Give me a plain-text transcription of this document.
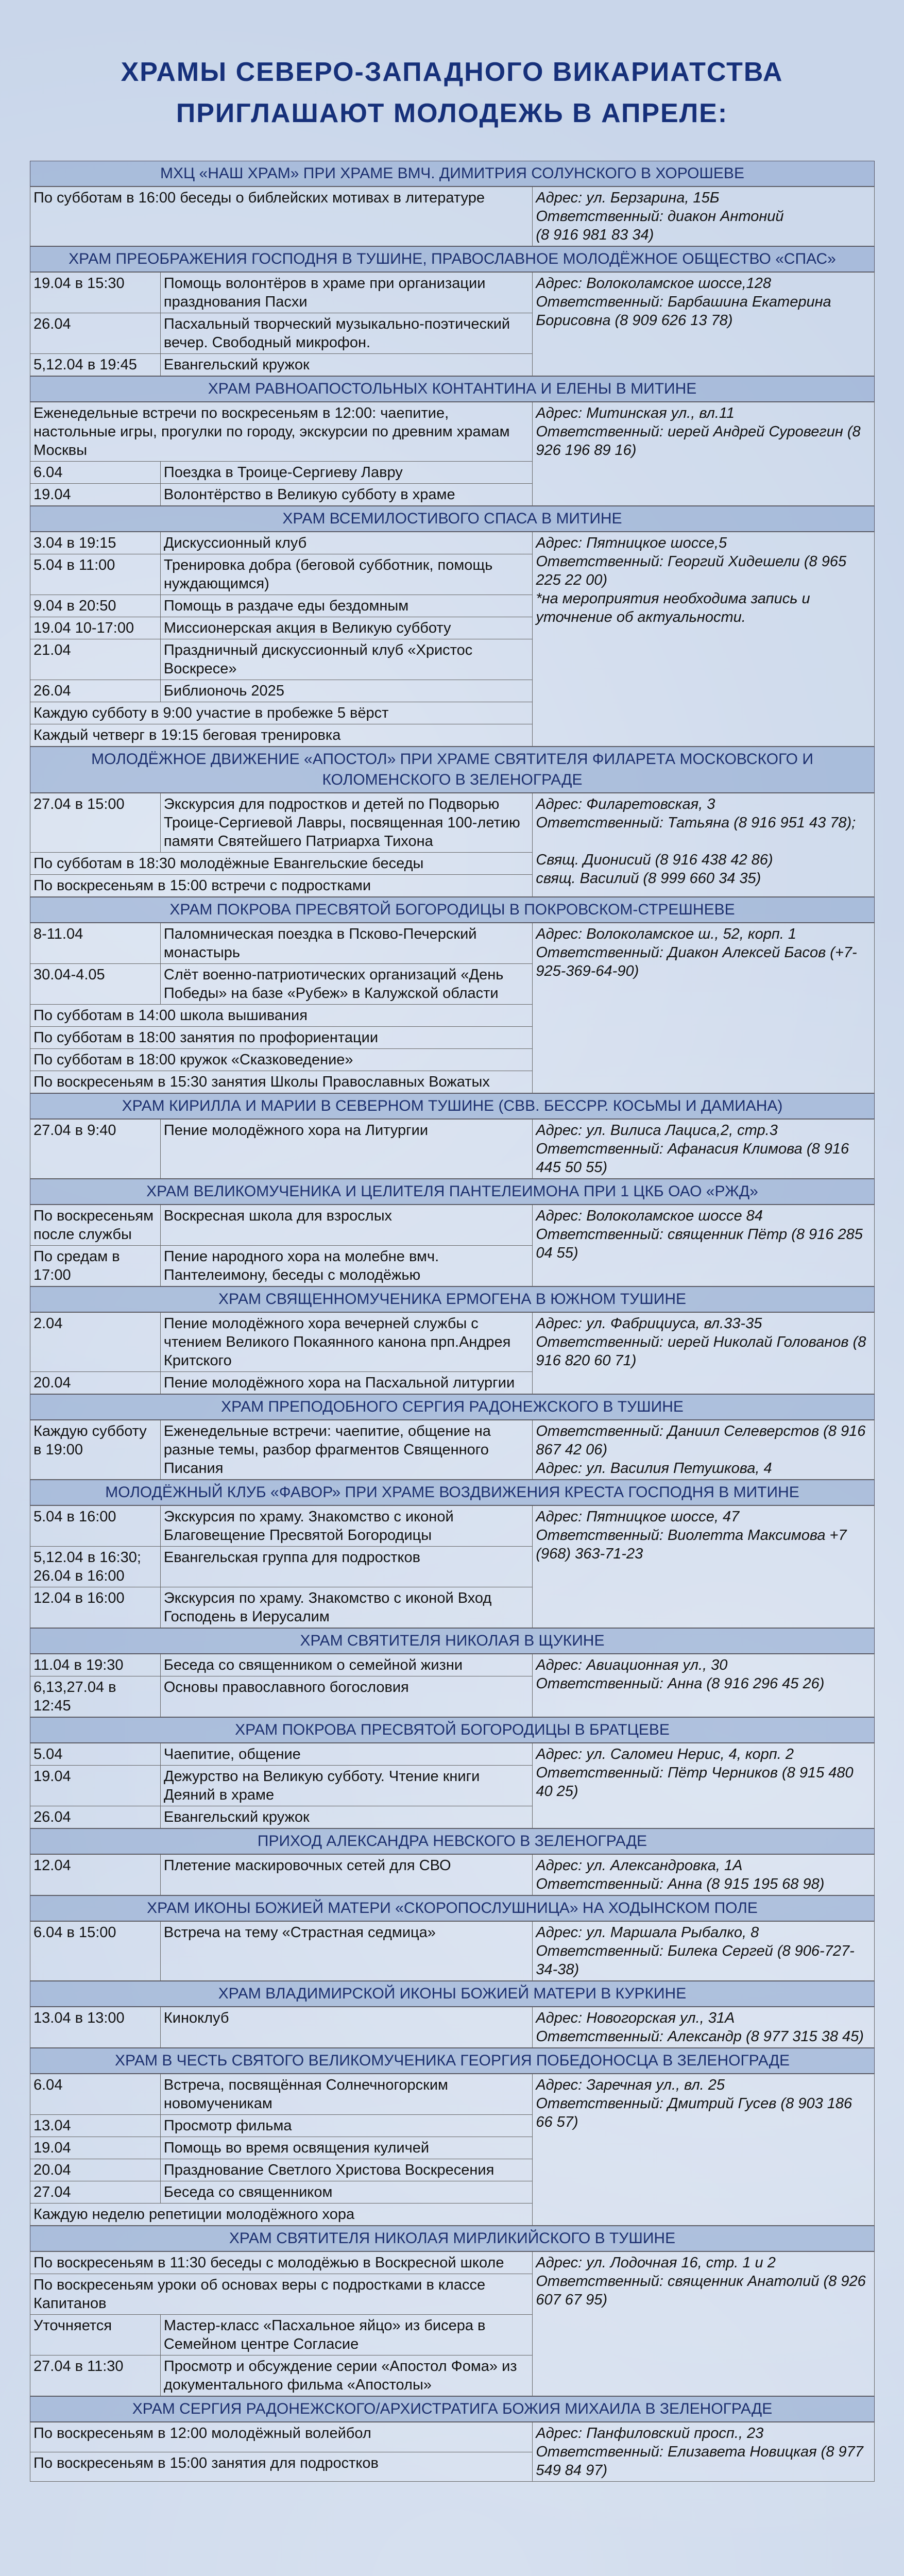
ХРАМЫ СЕВЕРО-ЗАПАДНОГО ВИКАРИАТСТВА
ПРИГЛАШАЮТ МОЛОДЕЖЬ В АПРЕЛЕ:
МХЦ «НАШ ХРАМ» ПРИ ХРАМЕ ВМЧ. ДИМИТРИЯ СОЛУНСКОГО В ХОРОШЕВЕ
По субботам в 16:00 беседы о библейских мотивах в литературе	Адрес: ул. Берзарина, 15Б

Ответственный: диакон Антоний

(8 916 981 83 34)

ХРАМ ПРЕОБРАЖЕНИЯ ГОСПОДНЯ В ТУШИНЕ, ПРАВОСЛАВНОЕ МОЛОДЁЖНОЕ ОБЩЕСТВО «СПАС»
19.04 в 15:30	Помощь волонтёров в храме при организации празднования Пасхи	Адрес: Волоколамское шоссе,128

Ответственный: Барбашина Екатерина Борисовна (8 909 626 13 78)

26.04	Пасхальный творческий музыкально-поэтический вечер. Свободный микрофон.	
5,12.04 в 19:45	Евангельский кружок	
ХРАМ РАВНОАПОСТОЛЬНЫХ КОНТАНТИНА И ЕЛЕНЫ В МИТИНЕ
Еженедельные встречи по воскресеньям в 12:00: чаепитие, настольные игры, прогулки по городу, экскурсии по древним храмам Москвы		Адрес: Митинская ул., вл.11

Ответственный: иерей Андрей Суровегин (8 926 196 89 16)

6.04	Поездка в Троице-Сергиеву Лавру	
19.04	Волонтёрство в Великую субботу в храме	
ХРАМ ВСЕМИЛОСТИВОГО СПАСА В МИТИНЕ
3.04 в 19:15	Дискуссионный клуб	Адрес: Пятницкое шоссе,5

Ответственный: Георгий Хидешели (8 965 225 22 00)

*на мероприятия необходима запись и уточнение об актуальности.

5.04 в 11:00	Тренировка добра (беговой субботник, помощь нуждающимся)	
9.04 в 20:50	Помощь в раздаче еды бездомным	
19.04 10-17:00	Миссионерская акция в Великую субботу	
21.04	Праздничный дискуссионный клуб «Христос Воскресе»	
26.04	Библионочь 2025	
Каждую субботу в 9:00 участие в пробежке 5 вёрст		
Каждый четверг в 19:15 беговая тренировка		
МОЛОДЁЖНОЕ ДВИЖЕНИЕ «АПОСТОЛ» ПРИ ХРАМЕ СВЯТИТЕЛЯ ФИЛАРЕТА МОСКОВСКОГО И КОЛОМЕНСКОГО В ЗЕЛЕНОГРАДЕ
27.04 в 15:00	Экскурсия для подростков и детей по Подворью Троице-Сергиевой Лавры, посвященная 100-летию памяти Святейшего Патриарха Тихона	

Адрес: Филаретовская, 3

Ответственный: Татьяна (8 916 951 43 78);

Свящ. Дионисий (8 916 438 42 86)

свящ. Василий (8 999 660 34 35)

По субботам в 18:30 молодёжные Евангельские беседы
По воскресеньям в 15:00 встречи с подростками
ХРАМ ПОКРОВА ПРЕСВЯТОЙ БОГОРОДИЦЫ В ПОКРОВСКОМ-СТРЕШНЕВЕ
8-11.04	Паломническая поездка в Псково-Печерский монастырь	Адрес: Волоколамское ш., 52, корп. 1

Ответственный: Диакон Алексей Басов (+7-925-369-64-90)

30.04-4.05	Слёт военно-патриотических организаций «День Победы» на базе «Рубеж» в Калужской области	
По субботам в 14:00 школа вышивания		
По субботам в 18:00 занятия по профориентации		
По субботам в 18:00 кружок «Сказковедение»		
По воскресеньям в 15:30 занятия Школы Православных Вожатых		
ХРАМ КИРИЛЛА И МАРИИ В СЕВЕРНОМ ТУШИНЕ (СВВ. БЕССРР. КОСЬМЫ И ДАМИАНА)
27.04 в 9:40	Пение молодёжного хора на Литургии	Адрес: ул. Вилиса Лациса,2, стр.3

Ответственный: Афанасия Климова (8 916 445 50 55)

ХРАМ ВЕЛИКОМУЧЕНИКА И ЦЕЛИТЕЛЯ ПАНТЕЛЕИМОНА ПРИ 1 ЦКБ ОАО «РЖД»
По воскресеньям после службы	Воскресная школа для взрослых	Адрес: Волоколамское шоссе 84

Ответственный: священник Пётр (8 916 285 04 55)

По средам в 17:00	Пение народного хора на молебне вмч. Пантелеимону, беседы с молодёжью	
ХРАМ СВЯЩЕННОМУЧЕНИКА ЕРМОГЕНА В ЮЖНОМ ТУШИНЕ
2.04	Пение молодёжного хора вечерней службы с чтением Великого Покаянного канона прп.Андрея Критского	Адрес: ул. Фабрициуса, вл.33-35

Ответственный: иерей Николай Голованов (8 916 820 60 71)

20.04	Пение молодёжного хора на Пасхальной литургии	
ХРАМ ПРЕПОДОБНОГО СЕРГИЯ РАДОНЕЖСКОГО В ТУШИНЕ
Каждую субботу в 19:00	Еженедельные встречи: чаепитие, общение на разные темы, разбор фрагментов Священного Писания	

Ответственный: Даниил Селеверстов (8 916 867 42 06)

Адрес: ул. Василия Петушкова, 4

МОЛОДЁЖНЫЙ КЛУБ «ФАВОР» ПРИ ХРАМЕ ВОЗДВИЖЕНИЯ КРЕСТА ГОСПОДНЯ В МИТИНЕ
5.04 в 16:00	Экскурсия по храму. Знакомство с иконой Благовещение Пресвятой Богородицы	Адрес: Пятницкое шоссе, 47

Ответственный: Виолетта Максимова +7 (968) 363-71-23

5,12.04 в 16:30; 26.04 в 16:00	Евангельская группа для подростков	
12.04 в 16:00	Экскурсия по храму. Знакомство с иконой Вход Господень в Иерусалим	
ХРАМ СВЯТИТЕЛЯ НИКОЛАЯ В ЩУКИНЕ
11.04 в 19:30	Беседа со священником о семейной жизни	Адрес: Авиационная ул., 30

Ответственный: Анна (8 916 296 45 26)

6,13,27.04 в 12:45	Основы православного богословия	
ХРАМ ПОКРОВА ПРЕСВЯТОЙ БОГОРОДИЦЫ В БРАТЦЕВЕ
5.04	Чаепитие, общение	Адрес: ул. Саломеи Нерис, 4, корп. 2

Ответственный: Пётр Черников (8 915 480 40 25)

19.04	Дежурство на Великую субботу. Чтение книги Деяний в храме	
26.04	Евангельский кружок	
ПРИХОД АЛЕКСАНДРА НЕВСКОГО В ЗЕЛЕНОГРАДЕ
12.04	Плетение маскировочных сетей для СВО	Адрес: ул. Александровка, 1А

Ответственный: Анна (8 915 195 68 98)

ХРАМ ИКОНЫ БОЖИЕЙ МАТЕРИ «СКОРОПОСЛУШНИЦА» НА ХОДЫНСКОМ ПОЛЕ
6.04 в 15:00	Встреча на тему «Страстная седмица»	Адрес: ул. Маршала Рыбалко, 8

Ответственный: Билека Сергей (8 906-727-34-38)

ХРАМ ВЛАДИМИРСКОЙ ИКОНЫ БОЖИЕЙ МАТЕРИ В КУРКИНЕ
13.04 в 13:00	Киноклуб	Адрес: Новогорская ул., 31А

Ответственный: Александр (8 977 315 38 45)

ХРАМ В ЧЕСТЬ СВЯТОГО ВЕЛИКОМУЧЕНИКА ГЕОРГИЯ ПОБЕДОНОСЦА В ЗЕЛЕНОГРАДЕ
6.04	Встреча, посвящённая Солнечногорским новомученикам	Адрес: Заречная ул., вл. 25

Ответственный: Дмитрий Гусев (8 903 186 66 57)

13.04	Просмотр фильма	
19.04	Помощь во время освящения куличей	
20.04	Празднование Светлого Христова Воскресения	
27.04	Беседа со священником	
Каждую неделю репетиции молодёжного хора		
ХРАМ СВЯТИТЕЛЯ НИКОЛАЯ МИРЛИКИЙСКОГО В ТУШИНЕ
По воскресеньям в 11:30 беседы с молодёжью в Воскресной школе		Адрес: ул. Лодочная 16, стр. 1 и 2

Ответственный: священник Анатолий (8 926 607 67 95)

По воскресеньям уроки об основах веры с подростками в классе Капитанов		
Уточняется	Мастер-класс «Пасхальное яйцо» из бисера в Семейном центре Согласие	
27.04 в 11:30	Просмотр и обсуждение серии «Апостол Фома» из документального фильма «Апостолы»	
ХРАМ СЕРГИЯ РАДОНЕЖСКОГО/АРХИСТРАТИГА БОЖИЯ МИХАИЛА В ЗЕЛЕНОГРАДЕ
По воскресеньям в 12:00 молодёжный волейбол	Адрес: Панфиловский просп., 23

Ответственный: Елизавета Новицкая (8 977 549 84 97)

По воскресеньям в 15:00 занятия для подростков
